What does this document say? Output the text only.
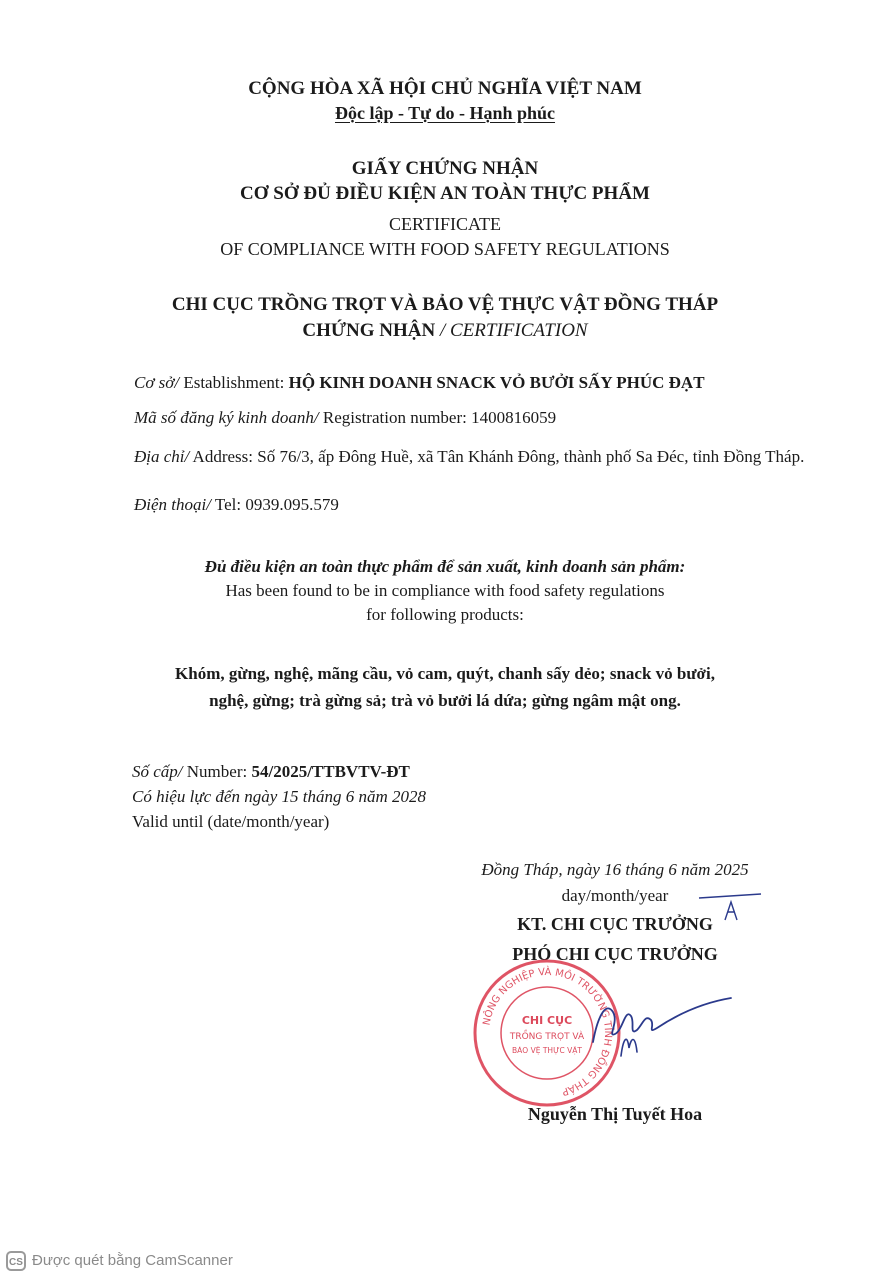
CỘNG HÒA XÃ HỘI CHỦ NGHĨA VIỆT NAM
Độc lập - Tự do - Hạnh phúc
GIẤY CHỨNG NHẬN
CƠ SỞ ĐỦ ĐIỀU KIỆN AN TOÀN THỰC PHẨM
CERTIFICATE
OF COMPLIANCE WITH FOOD SAFETY REGULATIONS
CHI CỤC TRỒNG TRỌT VÀ BẢO VỆ THỰC VẬT ĐỒNG THÁP
CHỨNG NHẬN / CERTIFICATION
Cơ sở/ Establishment: HỘ KINH DOANH SNACK VỎ BƯỞI SẤY PHÚC ĐẠT
Mã số đăng ký kinh doanh/ Registration number: 1400816059
Địa chỉ/ Address: Số 76/3, ấp Đông Huề, xã Tân Khánh Đông, thành phố Sa Đéc, tỉnh Đồng Tháp.
Điện thoại/ Tel: 0939.095.579
Đủ điều kiện an toàn thực phẩm để sản xuất, kinh doanh sản phẩm:
Has been found to be in compliance with food safety regulations
for following products:
Khóm, gừng, nghệ, mãng cầu, vỏ cam, quýt, chanh sấy dẻo; snack vỏ bưởi,
nghệ, gừng; trà gừng sả; trà vỏ bưởi lá dứa; gừng ngâm mật ong.
Số cấp/ Number: 54/2025/TTBVTV-ĐT
Có hiệu lực đến ngày 15 tháng 6 năm 2028
Valid until (date/month/year)
Đồng Tháp, ngày 16 tháng 6 năm 2025
day/month/year
KT. CHI CỤC TRƯỞNG
PHÓ CHI CỤC TRƯỞNG
NÔNG NGHIỆP VÀ MÔI TRƯỜNG TỈNH ĐỒNG THÁP
CHI CỤC
TRỒNG TRỌT VÀ
BẢO VỆ THỰC VẬT
Nguyễn Thị Tuyết Hoa
CS Được quét bằng CamScanner
